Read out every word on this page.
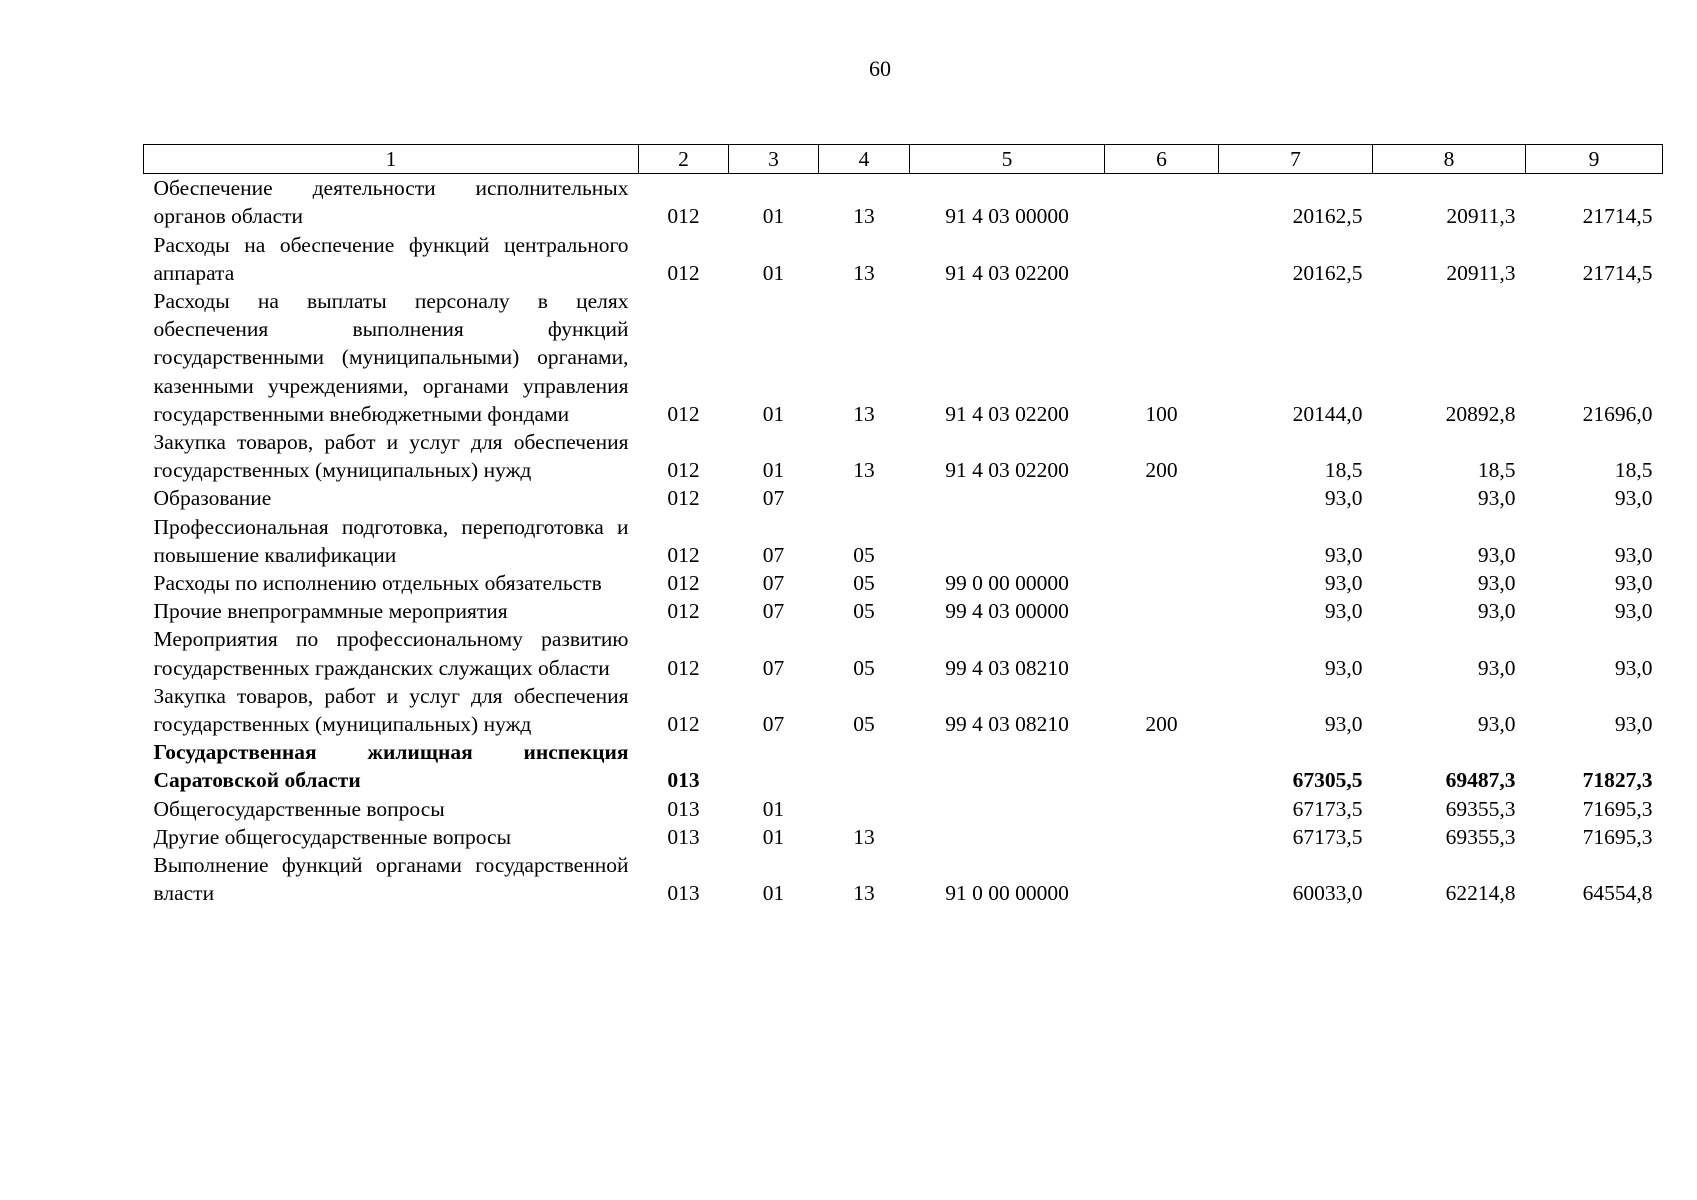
60
1	2	3	4	5	6	7	8	9
Обеспечение деятельности исполнительных органов области	012	01	13	91 4 03 00000		20162,5	20911,3	21714,5
Расходы на обеспечение функций центрального аппарата	012	01	13	91 4 03 02200		20162,5	20911,3	21714,5
Расходы на выплаты персоналу в целях обеспечения выполнения функций государственными (муниципальными) органами, казенными учреждениями, органами управления государственными внебюджетными фондами	012	01	13	91 4 03 02200	100	20144,0	20892,8	21696,0
Закупка товаров, работ и услуг для обеспечения государственных (муниципальных) нужд	012	01	13	91 4 03 02200	200	18,5	18,5	18,5
Образование	012	07				93,0	93,0	93,0
Профессиональная подготовка, переподготовка и повышение квалификации	012	07	05			93,0	93,0	93,0
Расходы по исполнению отдельных обязательств	012	07	05	99 0 00 00000		93,0	93,0	93,0
Прочие внепрограммные мероприятия	012	07	05	99 4 03 00000		93,0	93,0	93,0
Мероприятия по профессиональному развитию государственных гражданских служащих области	012	07	05	99 4 03 08210		93,0	93,0	93,0
Закупка товаров, работ и услуг для обеспечения государственных (муниципальных) нужд	012	07	05	99 4 03 08210	200	93,0	93,0	93,0
Государственная жилищная инспекция Саратовской области	013					67305,5	69487,3	71827,3
Общегосударственные вопросы	013	01				67173,5	69355,3	71695,3
Другие общегосударственные вопросы	013	01	13			67173,5	69355,3	71695,3
Выполнение функций органами государственной власти	013	01	13	91 0 00 00000		60033,0	62214,8	64554,8
